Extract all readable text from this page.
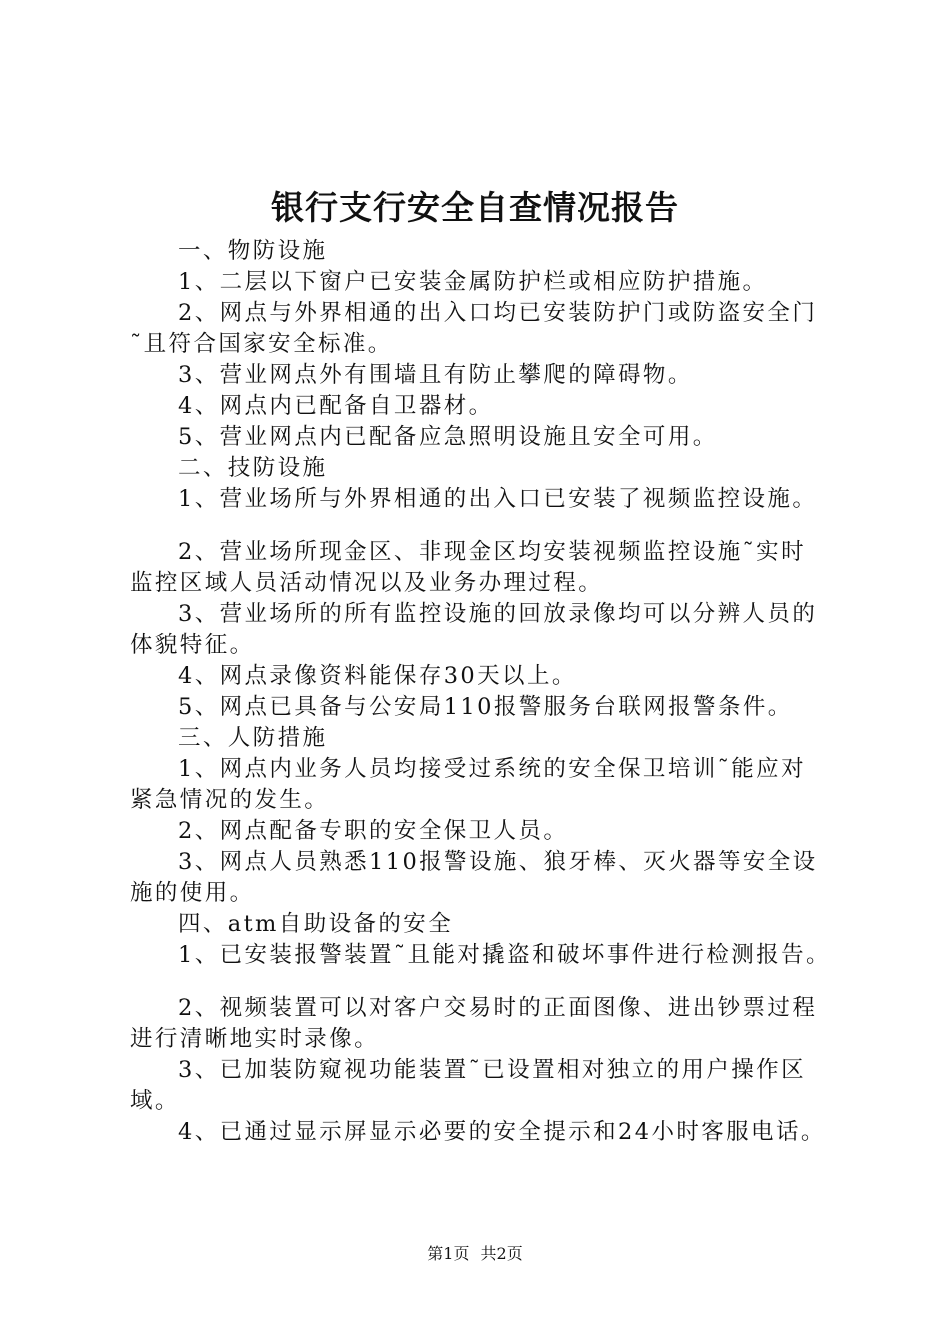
银行支行安全自查情况报告

一、物防设施

1、二层以下窗户已安装金属防护栏或相应防护措施。

2、网点与外界相通的出入口均已安装防护门或防盗安全门

˜且符合国家安全标准。

3、营业网点外有围墙且有防止攀爬的障碍物。

4、网点内已配备自卫器材。

5、营业网点内已配备应急照明设施且安全可用。

二、技防设施

1、营业场所与外界相通的出入口已安装了视频监控设施。

2、营业场所现金区、非现金区均安装视频监控设施˜实时

监控区域人员活动情况以及业务办理过程。

3、营业场所的所有监控设施的回放录像均可以分辨人员的

体貌特征。

4、网点录像资料能保存30天以上。

5、网点已具备与公安局110报警服务台联网报警条件。

三、人防措施

1、网点内业务人员均接受过系统的安全保卫培训˜能应对

紧急情况的发生。

2、网点配备专职的安全保卫人员。

3、网点人员熟悉110报警设施、狼牙棒、灭火器等安全设

施的使用。

四、atm自助设备的安全

1、已安装报警装置˜且能对撬盗和破坏事件进行检测报告。

2、视频装置可以对客户交易时的正面图像、进出钞票过程

进行清晰地实时录像。

3、已加装防窥视功能装置˜已设置相对独立的用户操作区

域。

4、已通过显示屏显示必要的安全提示和24小时客服电话。

第1页 共2页
